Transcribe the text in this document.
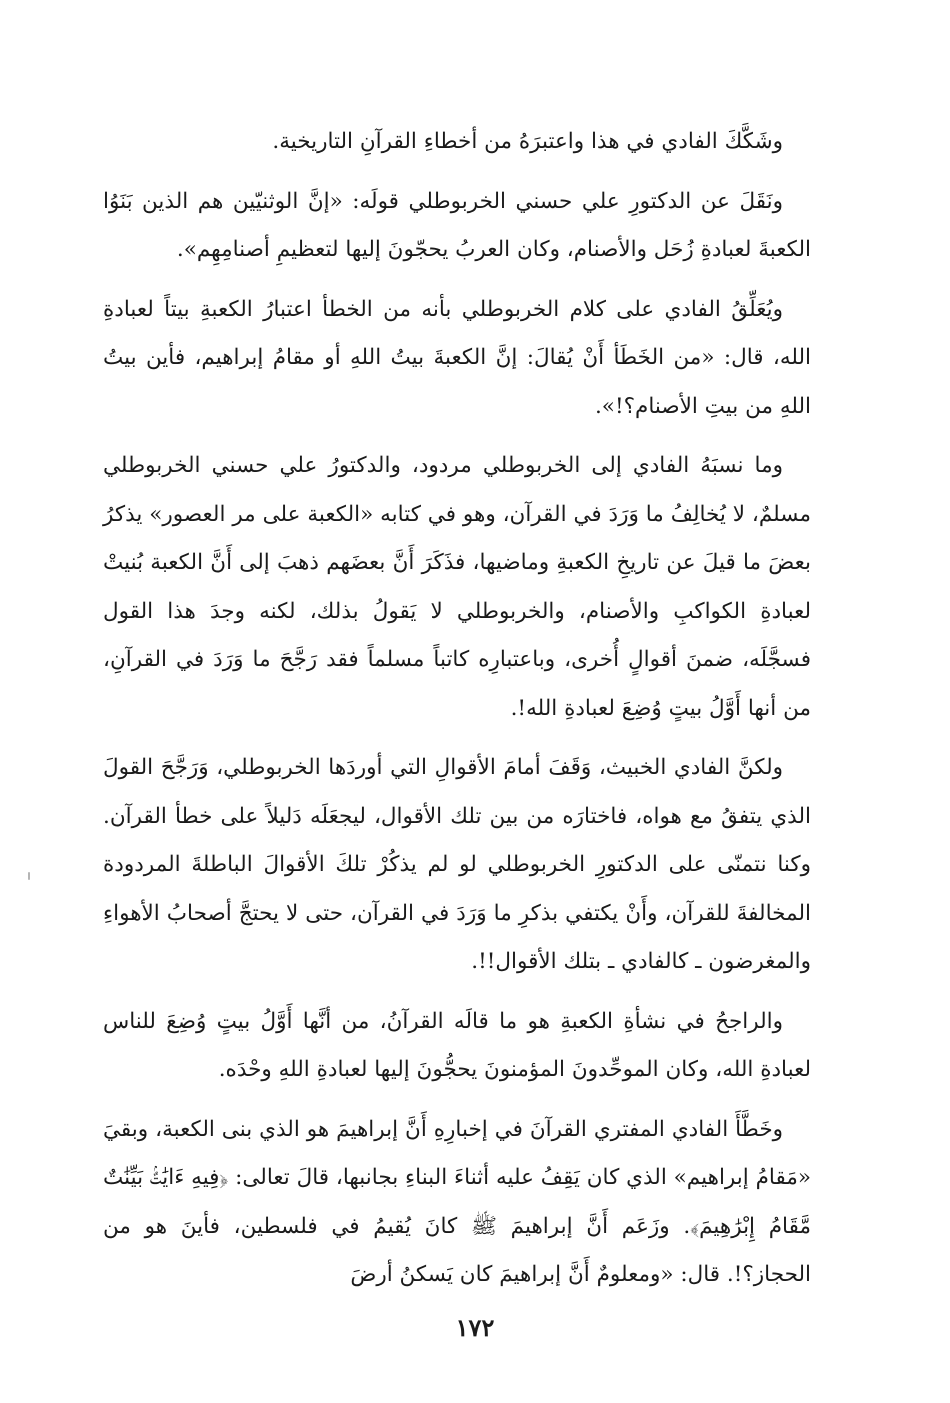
وشَكَّكَ الفادي في هذا واعتبرَهُ من أخطاءِ القرآنِ التاريخية.

ونَقَلَ عن الدكتورِ علي حسني الخربوطلي قولَه: «إنَّ الوثنيّين هم الذين بَنَوُا الكعبةَ لعبادةِ زُحَل والأصنام، وكان العربُ يحجّونَ إليها لتعظيمِ أصنامِهِم».

ويُعَلِّقُ الفادي على كلام الخربوطلي بأنه من الخطأ اعتبارُ الكعبةِ بيتاً لعبادةِ الله، قال: «من الخَطَأ أَنْ يُقالَ: إنَّ الكعبةَ بيتُ اللهِ أو مقامُ إبراهيم، فأين بيتُ اللهِ من بيتِ الأصنام؟!».

وما نسبَهُ الفادي إلى الخربوطلي مردود، والدكتورُ علي حسني الخربوطلي مسلمٌ، لا يُخالِفُ ما وَرَدَ في القرآن، وهو في كتابه «الكعبة على مر العصور» يذكرُ بعضَ ما قيلَ عن تاريخِ الكعبةِ وماضيها، فذَكَرَ أَنَّ بعضَهم ذهبَ إلى أَنَّ الكعبة بُنيتْ لعبادةِ الكواكبِ والأصنام، والخربوطلي لا يَقولُ بذلك، لكنه وجدَ هذا القول فسجَّلَه، ضمنَ أقوالٍ أُخرى، وباعتبارِه كاتباً مسلماً فقد رَجَّحَ ما وَرَدَ في القرآنِ، من أنها أَوَّلُ بيتٍ وُضِعَ لعبادةِ الله!.

ولكنَّ الفادي الخبيث، وَقَفَ أمامَ الأقوالِ التي أوردَها الخربوطلي، وَرَجَّحَ القولَ الذي يتفقُ مع هواه، فاختارَه من بين تلك الأقوال، ليجعَلَه دَليلاً على خطأ القرآن. وكنا نتمنّى على الدكتورِ الخربوطلي لو لم يذكُرْ تلكَ الأقوالَ الباطلةَ المردودة المخالفةَ للقرآن، وأَنْ يكتفي بذكرِ ما وَرَدَ في القرآن، حتى لا يحتجَّ أصحابُ الأهواءِ والمغرضون ـ كالفادي ـ بتلك الأقوال!!.

والراجحُ في نشأةِ الكعبةِ هو ما قالَه القرآنُ، من أنَّها أَوَّلُ بيتٍ وُضِعَ للناس لعبادةِ الله، وكان الموحِّدونَ المؤمنونَ يحجُّونَ إليها لعبادةِ اللهِ وحْدَه.

وخَطَّأَ الفادي المفتري القرآنَ في إخبارِهِ أَنَّ إبراهيمَ هو الذي بنى الكعبة، وبقيَ «مَقامُ إبراهيم» الذي كان يَقِفُ عليه أثناءَ البناءِ بجانبها، قالَ تعالى: ﴿فِيهِ ءَايَٰتٌۢ بَيِّنَٰتٌ مَّقَامُ إِبْرَٰهِيمَ﴾. وزَعَم أَنَّ إبراهيمَ ﷺ كانَ يُقيمُ في فلسطين، فأينَ هو من الحجاز؟!. قال: «ومعلومٌ أَنَّ إبراهيمَ كان يَسكنُ أرضَ

١٧٢
